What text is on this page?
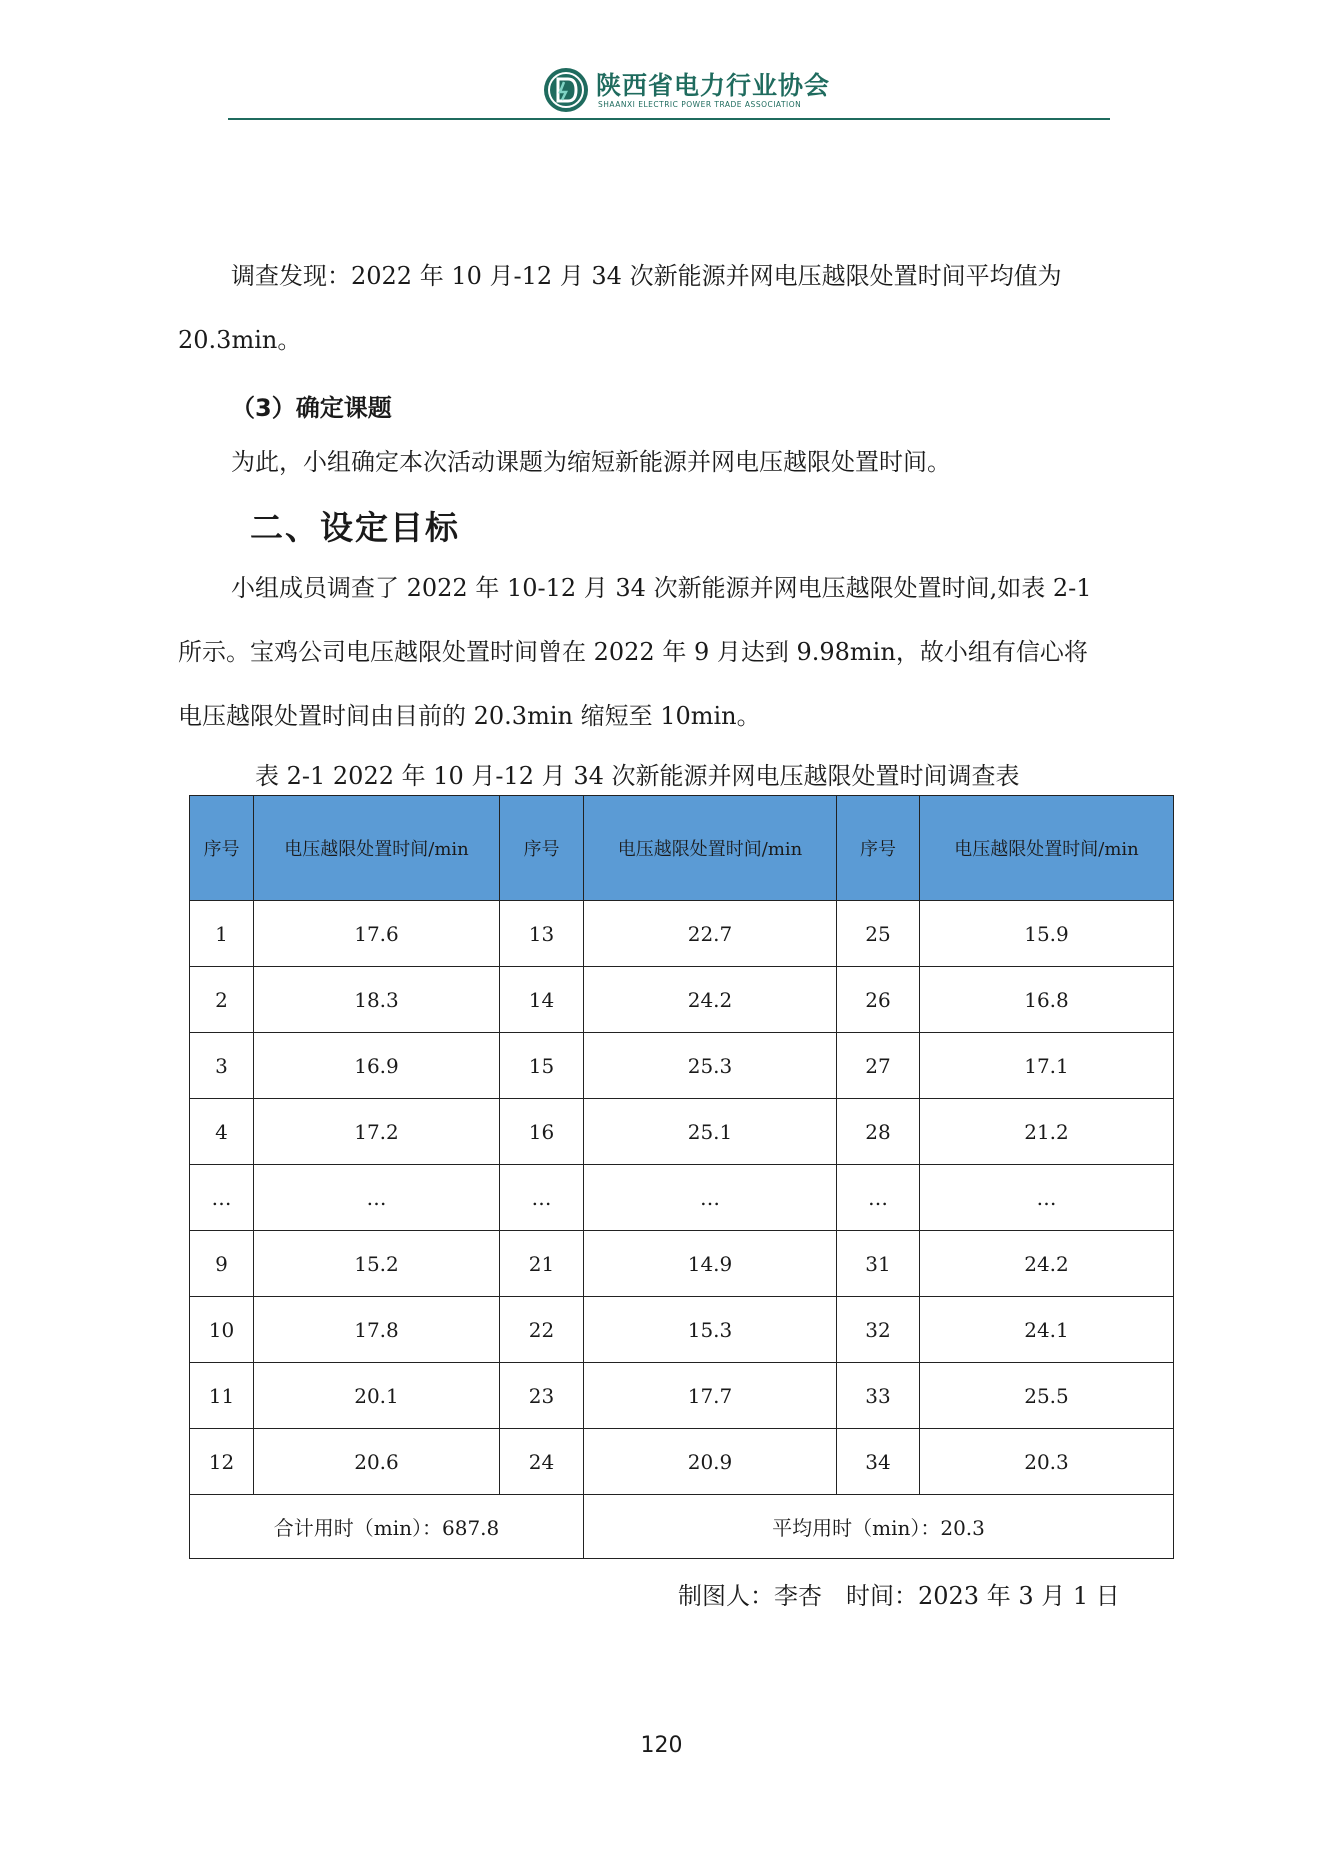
陕西省电力行业协会
SHAANXI ELECTRIC POWER TRADE ASSOCIATION
调查发现：2022 年 10 月-12 月 34 次新能源并网电压越限处置时间平均值为
20.3min。
（3）确定课题
为此，小组确定本次活动课题为缩短新能源并网电压越限处置时间。
二、设定目标
小组成员调查了 2022 年 10-12 月 34 次新能源并网电压越限处置时间,如表 2-1
所示。宝鸡公司电压越限处置时间曾在 2022 年 9 月达到 9.98min，故小组有信心将
电压越限处置时间由目前的 20.3min 缩短至 10min。
表 2-1 2022 年 10 月-12 月 34 次新能源并网电压越限处置时间调查表
序号	电压越限处置时间/min	序号	电压越限处置时间/min	序号	电压越限处置时间/min
1	17.6	13	22.7	25	15.9
2	18.3	14	24.2	26	16.8
3	16.9	15	25.3	27	17.1
4	17.2	16	25.1	28	21.2
…	…	…	…	…	…
9	15.2	21	14.9	31	24.2
10	17.8	22	15.3	32	24.1
11	20.1	23	17.7	33	25.5
12	20.6	24	20.9	34	20.3
合计用时（min）：687.8			平均用时（min）：20.3		
制图人：李杏　时间：2023 年 3 月 1 日
120
